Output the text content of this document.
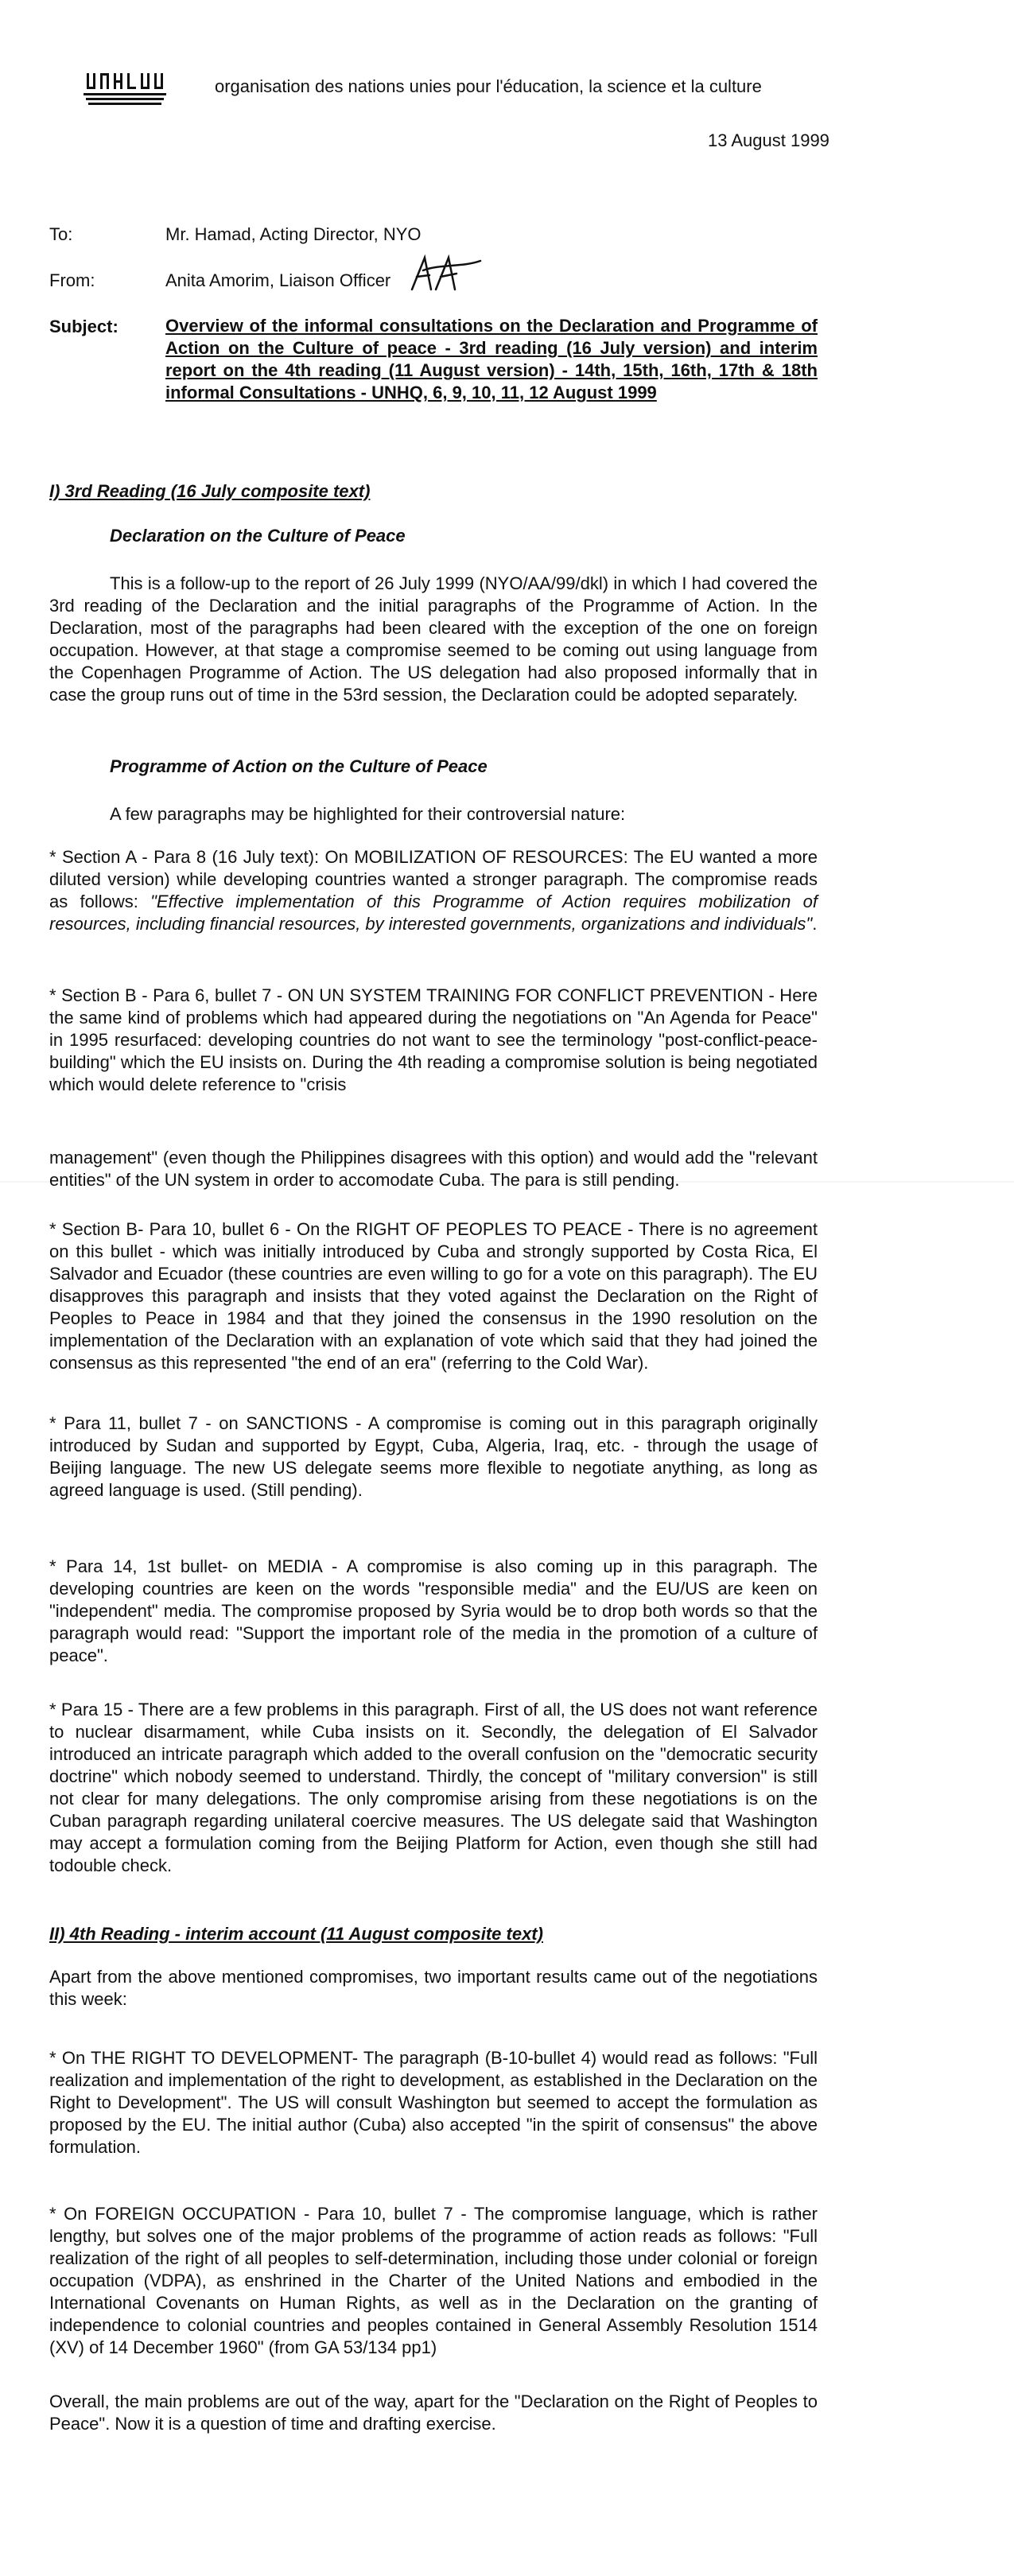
organisation des nations unies pour l'éducation, la science et la culture
13 August 1999
To:	Mr. Hamad, Acting Director, NYO
From:	Anita Amorim, Liaison Officer
Subject:	Overview of the informal consultations on the Declaration and Programme of Action on the Culture of peace - 3rd reading (16 July version) and interim report on the 4th reading (11 August version) - 14th, 15th, 16th, 17th & 18th informal Consultations - UNHQ, 6, 9, 10, 11, 12 August 1999
I) 3rd Reading (16 July composite text)
Declaration on the Culture of Peace

This is a follow-up to the report of 26 July 1999 (NYO/AA/99/dkl) in which I had covered the 3rd reading of the Declaration and the initial paragraphs of the Programme of Action. In the Declaration, most of the paragraphs had been cleared with the exception of the one on foreign occupation. However, at that stage a compromise seemed to be coming out using language from the Copenhagen Programme of Action. The US delegation had also proposed informally that in case the group runs out of time in the 53rd session, the Declaration could be adopted separately.

Programme of Action on the Culture of Peace
A few paragraphs may be highlighted for their controversial nature:

* Section A - Para 8 (16 July text): On MOBILIZATION OF RESOURCES: The EU wanted a more diluted version) while developing countries wanted a stronger paragraph. The compromise reads as follows: "Effective implementation of this Programme of Action requires mobilization of resources, including financial resources, by interested governments, organizations and individuals".

* Section B - Para 6, bullet 7 - ON UN SYSTEM TRAINING FOR CONFLICT PREVENTION - Here the same kind of problems which had appeared during the negotiations on "An Agenda for Peace" in 1995 resurfaced: developing countries do not want to see the terminology "post-conflict-peace-building" which the EU insists on. During the 4th reading a compromise solution is being negotiated which would delete reference to "crisis

management" (even though the Philippines disagrees with this option) and would add the "relevant entities" of the UN system in order to accomodate Cuba. The para is still pending.

* Section B- Para 10, bullet 6 - On the RIGHT OF PEOPLES TO PEACE - There is no agreement on this bullet - which was initially introduced by Cuba and strongly supported by Costa Rica, El Salvador and Ecuador (these countries are even willing to go for a vote on this paragraph). The EU disapproves this paragraph and insists that they voted against the Declaration on the Right of Peoples to Peace in 1984 and that they joined the consensus in the 1990 resolution on the implementation of the Declaration with an explanation of vote which said that they had joined the consensus as this represented "the end of an era" (referring to the Cold War).

* Para 11, bullet 7 - on SANCTIONS - A compromise is coming out in this paragraph originally introduced by Sudan and supported by Egypt, Cuba, Algeria, Iraq, etc. - through the usage of Beijing language. The new US delegate seems more flexible to negotiate anything, as long as agreed language is used. (Still pending).

* Para 14, 1st bullet- on MEDIA - A compromise is also coming up in this paragraph. The developing countries are keen on the words "responsible media" and the EU/US are keen on "independent" media. The compromise proposed by Syria would be to drop both words so that the paragraph would read: "Support the important role of the media in the promotion of a culture of peace".

* Para 15 - There are a few problems in this paragraph. First of all, the US does not want reference to nuclear disarmament, while Cuba insists on it. Secondly, the delegation of El Salvador introduced an intricate paragraph which added to the overall confusion on the "democratic security doctrine" which nobody seemed to understand. Thirdly, the concept of "military conversion" is still not clear for many delegations. The only compromise arising from these negotiations is on the Cuban paragraph regarding unilateral coercive measures. The US delegate said that Washington may accept a formulation coming from the Beijing Platform for Action, even though she still had todouble check.

II) 4th Reading - interim account (11 August composite text)

Apart from the above mentioned compromises, two important results came out of the negotiations this week:

* On THE RIGHT TO DEVELOPMENT- The paragraph (B-10-bullet 4) would read as follows: "Full realization and implementation of the right to development, as established in the Declaration on the Right to Development". The US will consult Washington but seemed to accept the formulation as proposed by the EU. The initial author (Cuba) also accepted "in the spirit of consensus" the above formulation.

* On FOREIGN OCCUPATION - Para 10, bullet 7 - The compromise language, which is rather lengthy, but solves one of the major problems of the programme of action reads as follows: "Full realization of the right of all peoples to self-determination, including those under colonial or foreign occupation (VDPA), as enshrined in the Charter of the United Nations and embodied in the International Covenants on Human Rights, as well as in the Declaration on the granting of independence to colonial countries and peoples contained in General Assembly Resolution 1514 (XV) of 14 December 1960" (from GA 53/134 pp1)

Overall, the main problems are out of the way, apart for the "Declaration on the Right of Peoples to Peace". Now it is a question of time and drafting exercise.
